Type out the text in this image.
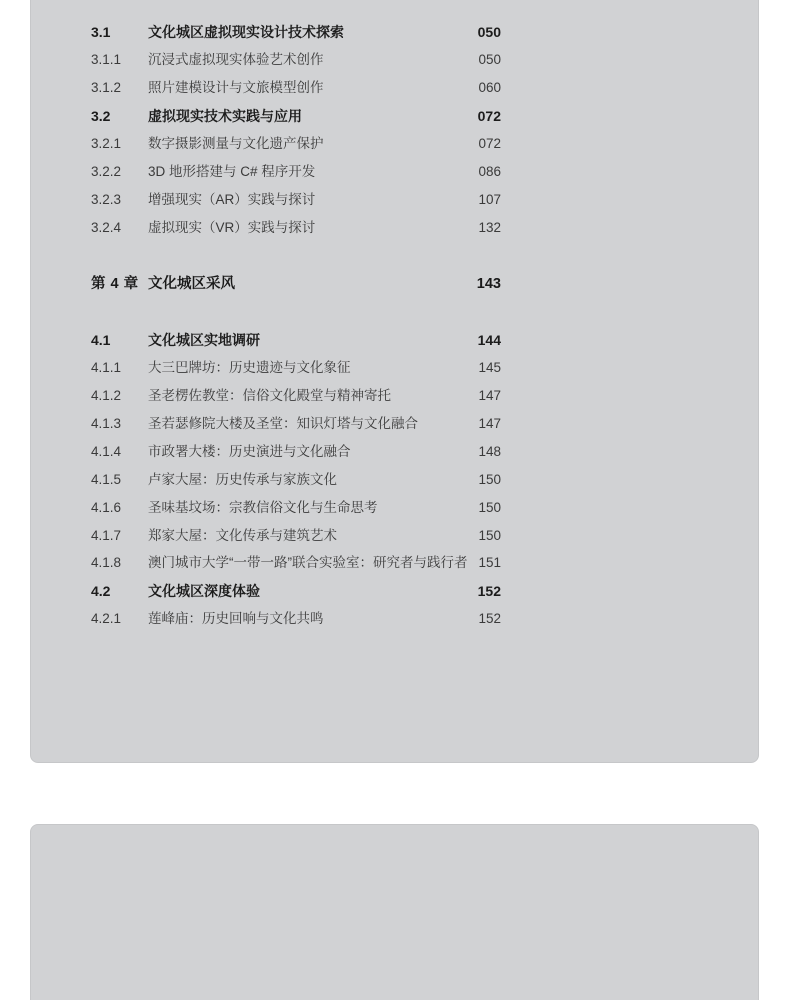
3.1	文化城区虚拟现实设计技术探索	050
3.1.1 沉浸式虚拟现实体验艺术创作	050
3.1.2 照片建模设计与文旅模型创作	060
3.2	虚拟现实技术实践与应用	072
3.2.1 数字摄影测量与文化遗产保护	072
3.2.2 3D 地形搭建与 C# 程序开发	086
3.2.3 增强现实（AR）实践与探讨	107
3.2.4 虚拟现实（VR）实践与探讨	132
第 4 章 文化城区采风	143
4.1	文化城区实地调研	144
4.1.1 大三巴牌坊：历史遗迹与文化象征	145
4.1.2 圣老楞佐教堂：信俗文化殿堂与精神寄托	147
4.1.3 圣若瑟修院大楼及圣堂：知识灯塔与文化融合	147
4.1.4 市政署大楼：历史演进与文化融合	148
4.1.5 卢家大屋：历史传承与家族文化	150
4.1.6 圣味基坟场：宗教信俗文化与生命思考	150
4.1.7 郑家大屋：文化传承与建筑艺术	150
4.1.8 澳门城市大学“一带一路”联合实验室：研究者与践行者 151
4.2	文化城区深度体验	152
4.2.1 莲峰庙：历史回响与文化共鸣	152
